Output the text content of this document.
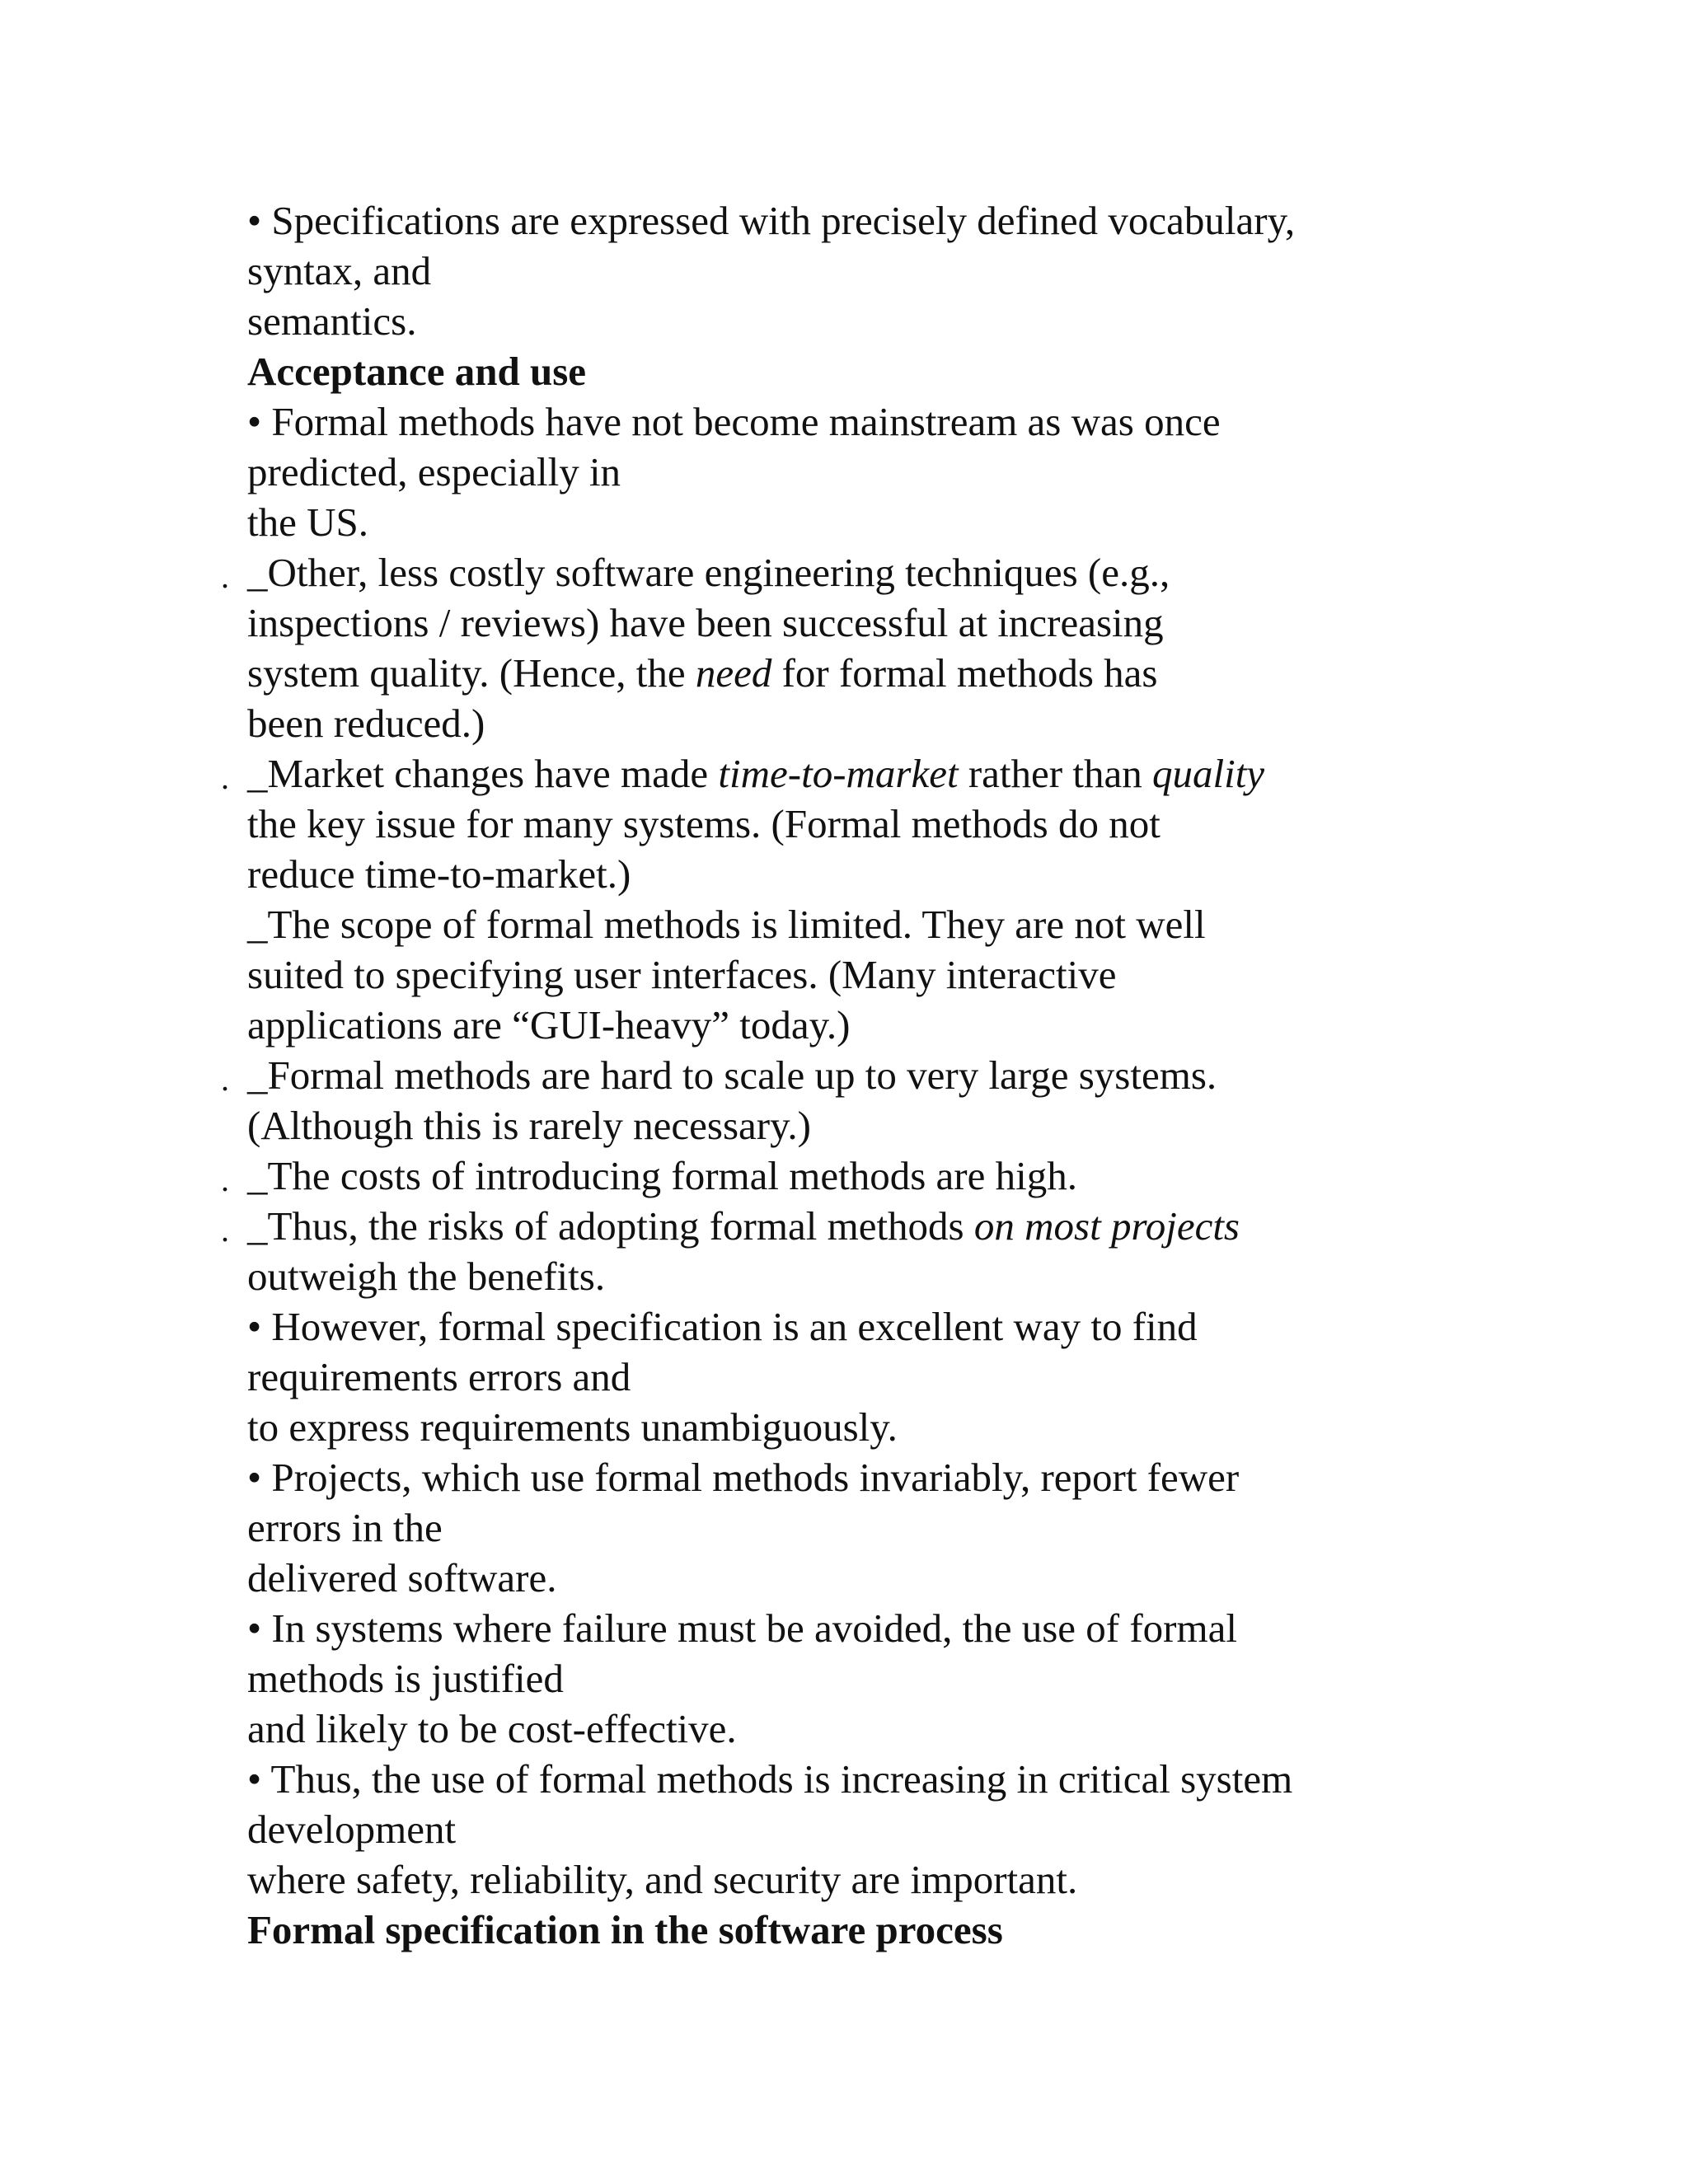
• Specifications are expressed with precisely defined vocabulary,
syntax, and
semantics.
Acceptance and use
• Formal methods have not become mainstream as was once
predicted, especially in
the US.
. _Other, less costly software engineering techniques (e.g.,
inspections / reviews) have been successful at increasing
system quality. (Hence, the need for formal methods has
been reduced.)
. _Market changes have made time-to-market rather than quality
the key issue for many systems. (Formal methods do not
reduce time-to-market.)
_The scope of formal methods is limited. They are not well
suited to specifying user interfaces. (Many interactive
applications are “GUI-heavy” today.)
. _Formal methods are hard to scale up to very large systems.
(Although this is rarely necessary.)
. _The costs of introducing formal methods are high.
. _Thus, the risks of adopting formal methods on most projects
outweigh the benefits.
• However, formal specification is an excellent way to find
requirements errors and
to express requirements unambiguously.
• Projects, which use formal methods invariably, report fewer
errors in the
delivered software.
• In systems where failure must be avoided, the use of formal
methods is justified
and likely to be cost-effective.
• Thus, the use of formal methods is increasing in critical system
development
where safety, reliability, and security are important.
Formal specification in the software process
